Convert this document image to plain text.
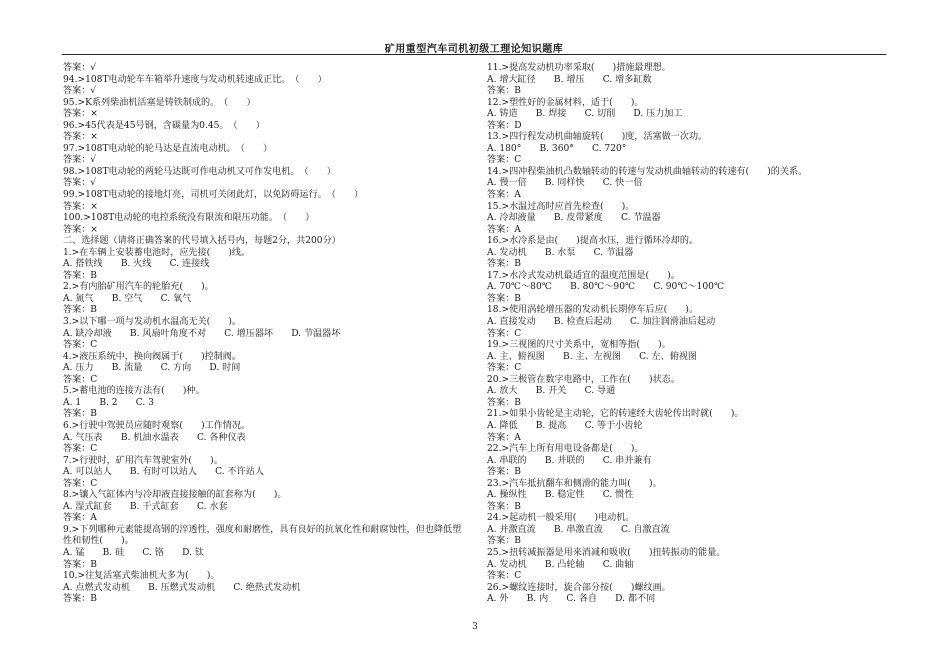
矿用重型汽车司机初级工理论知识题库
答案：√
94.>108T电动轮车车箱举升速度与发动机转速成正比。　（　　）
答案：√
95.>K系列柴油机活塞是铸铁制成的。　（　　）
答案：×
96.>45代表是45号钢，含碳量为0.45。　（　　）
答案：×
97.>108T电动轮的轮马达是直流电动机。　（　　）
答案：√
98.>108T电动轮的两轮马达既可作电动机又可作发电机。　（　　）
答案：√
99.>108T电动轮的接地灯亮，司机可关闭此灯，以免防碍运行。　（　　）
答案：×
100.>108T电动轮的电控系统没有限流和限压功能。　（　　）
答案：×
二、选择题（请将正确答案的代号填入括号内，每题2分，共200分）
1.>在车辆上安装蓄电池时，应先接(　　)线。
A. 搭铁线　　B. 火线　　C. 连接线
答案：B
2.>有内胎矿用汽车的轮胎充(　　)。
A. 氮气　　B. 空气　　C. 氧气
答案：B
3.>以下哪一项与发动机水温高无关(　　)。
A. 缺冷却液　　B. 风扇叶角度不对　　C. 增压器坏　　D. 节温器坏
答案：C
4.>液压系统中，换向阀属于(　　)控制阀。
A. 压力　　B. 流量　　C. 方向　　D. 时间
答案：C
5.>蓄电池的连接方法有(　　)种。
A. 1　　B. 2　　C. 3
答案：B
6.>行驶中驾驶员应随时观察(　　)工作情况。
A. 气压表　　B. 机油水温表　　C. 各种仪表
答案：C
7.>行驶时，矿用汽车驾驶室外(　　)。
A. 可以站人　　B. 有时可以站人　　C. 不许站人
答案：C
8.>镶入气缸体内与冷却液直接接触的缸套称为(　　)。
A. 湿式缸套　　B. 干式缸套　　C. 水套
答案：A
9.>下列哪种元素能提高钢的淬透性，强度和耐磨性，具有良好的抗氧化性和耐腐蚀性，但也降低塑性和韧性(　　)。
A. 锰　　B. 硅　　C. 铬　　D. 钛
答案：B
10.>往复活塞式柴油机大多为(　　)。
A. 点燃式发动机　　B. 压燃式发动机　　C. 绝热式发动机
答案：B
11.>提高发动机功率采取(　　)措施最理想。
A. 增大缸径　　B. 增压　　C. 增多缸数
答案：B
12.>塑性好的金属材料，适于(　　)。
A. 铸造　　B. 焊接　　C. 切削　　D. 压力加工
答案：D
13.>四行程发动机曲轴旋转(　　)度，活塞做一次功。
A. 180°　　B. 360°　　C. 720°
答案：C
14.>四冲程柴油机凸数轴转动的转速与发动机曲轴转动的转速有(　　)的关系。
A. 慢一倍　　B. 同样快　　C. 快一倍
答案：A
15.>水温过高时应首先检查(　　)。
A. 冷却液量　　B. 皮带紧度　　C. 节温器
答案：A
16.>水冷系是由(　　)提高水压，进行循环冷却的。
A. 发动机　　B. 水泵　　C. 节温器
答案：B
17.>水冷式发动机最适宜的温度范围是(　　)。
A. 70℃～80℃　　B. 80℃～90℃　　C. 90℃～100℃
答案：B
18.>使用涡轮增压器的发动机长期停车后应(　　)。
A. 直接发动　　B. 检查后起动　　C. 加注润滑油后起动
答案：C
19.>三视图的尺寸关系中，宽相等指(　　)。
A. 主、俯视图　　B. 主、左视图　　C. 左、俯视图
答案：C
20.>三极管在数字电路中，工作在(　　)状态。
A. 放大　　B. 开关　　C. 导通
答案：B
21.>如果小齿轮是主动轮，它的转速经大齿轮传出时就(　　)。
A. 降低　　B. 提高　　C. 等于小齿轮
答案：A
22.>汽车上所有用电设备都是(　　)。
A. 串联的　　B. 并联的　　C. 串并兼有
答案：B
23.>汽车抵抗翻车和侧滑的能力叫(　　)。
A. 操纵性　　B. 稳定性　　C. 惯性
答案：B
24.>起动机一般采用(　　)电动机。
A. 并激直流　　B. 串激直流　　C. 自激直流
答案：B
25.>扭转减振器是用来消减和吸收(　　)扭转振动的能量。
A. 发动机　　B. 凸轮轴　　C. 曲轴
答案：C
26.>螺纹连接时，旋合部分按(　　)螺纹画。
A. 外　　B. 内　　C. 各自　　D. 都不同
3
